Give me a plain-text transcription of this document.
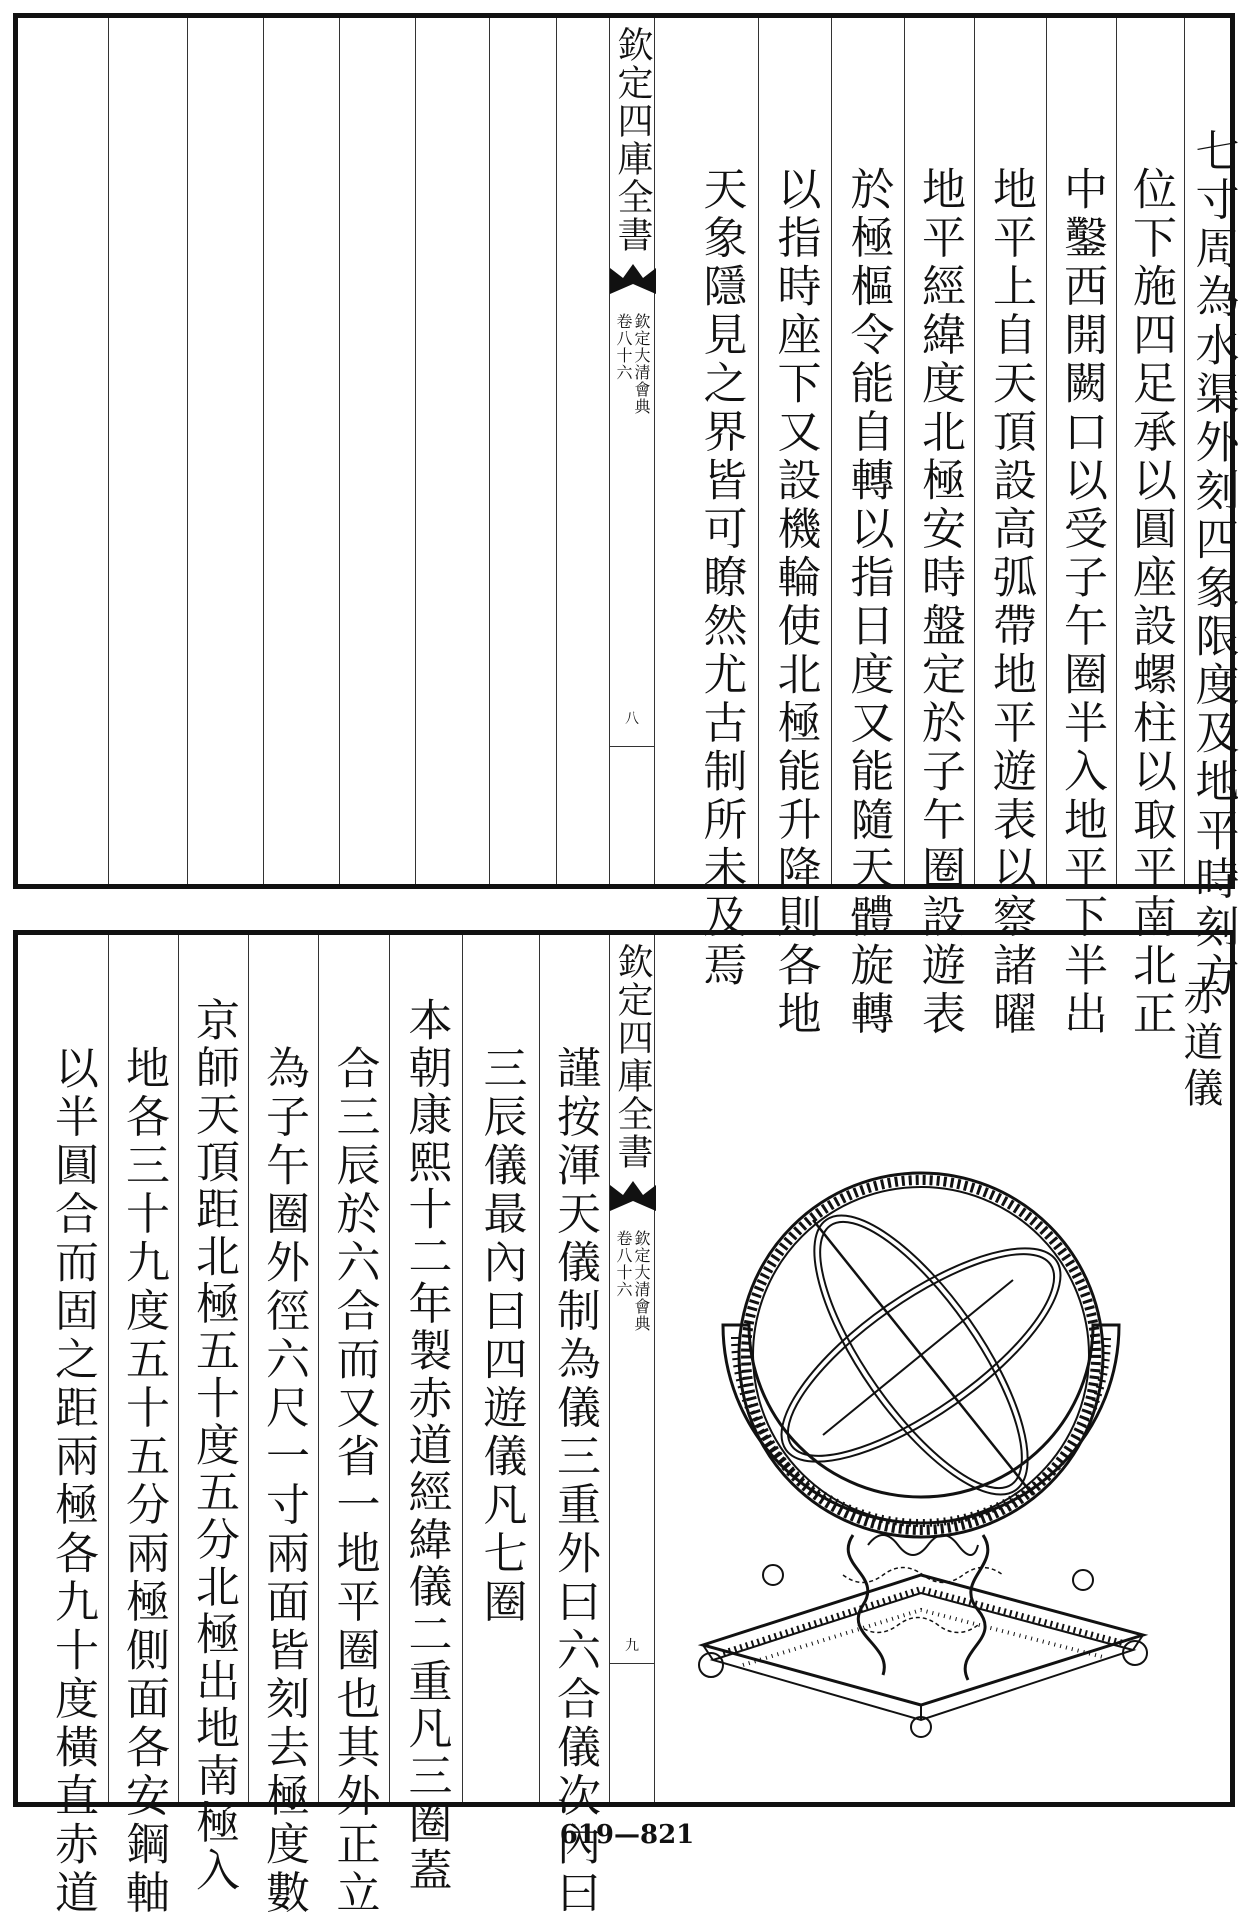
欽定四庫全書
卷八十六 欽定大清會典
八	七寸周為水渠外刻四象限度及地平時刻方
位下施四足承以圓座設螺柱以取平南北正
中鑿西開闕口以受子午圈半入地平下半出
地平上自天頂設高弧帶地平遊表以察諸曜
地平經緯度北極安時盤定於子午圈設遊表
於極樞令能自轉以指日度又能隨天體旋轉
以指時座下又設機輪使北極能升降則各地
天象隱見之界皆可瞭然尤古制所未及焉
欽定四庫全書
卷八十六 欽定大清會典
九
赤道儀
謹按渾天儀制為儀三重外曰六合儀次內曰
三辰儀最內曰四遊儀凡七圈
本朝康熙十二年製赤道經緯儀二重凡三圈蓋
合三辰於六合而又省一地平圈也其外正立
為子午圈外徑六尺一寸兩面皆刻去極度數
京師天頂距北極五十度五分北極出地南極入
地各三十九度五十五分兩極側面各安鋼軸
以半圓合而固之距兩極各九十度橫直赤道	619—821
